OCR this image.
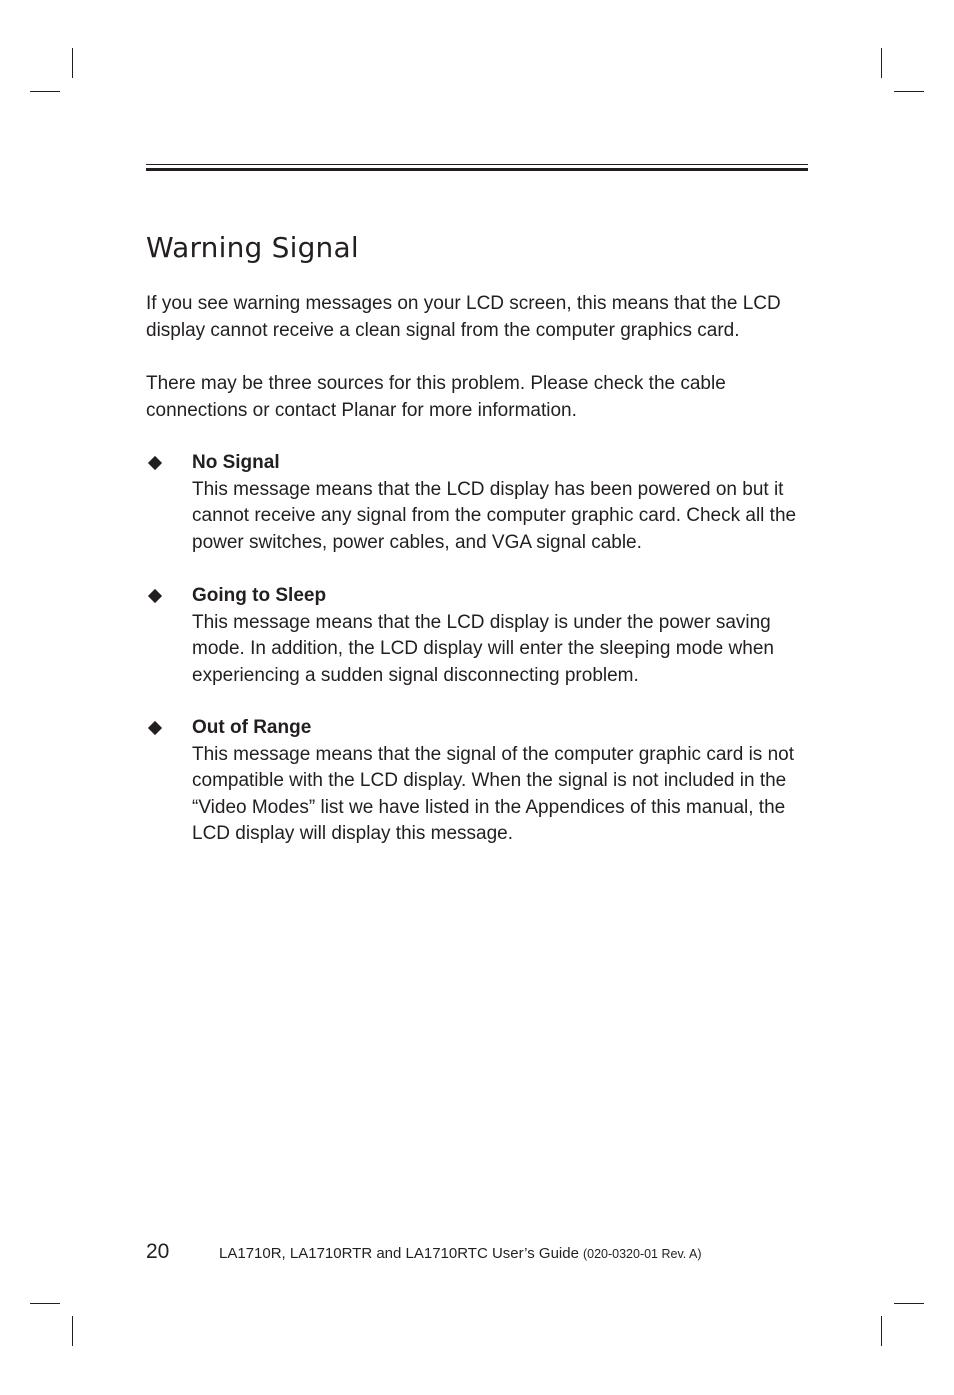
Warning Signal

If you see warning messages on your LCD screen, this means that the LCD display cannot receive a clean signal from the computer graphics card.

There may be three sources for this problem. Please check the cable connections or contact Planar for more information.

No Signal

This message means that the LCD display has been powered on but it cannot receive any signal from the computer graphic card. Check all the power switches, power cables, and VGA signal cable.

Going to Sleep

This message means that the LCD display is under the power saving mode. In addition, the LCD display will enter the sleeping mode when experiencing a sudden signal disconnecting problem.

Out of Range

This message means that the signal of the computer graphic card is not compatible with the LCD display. When the signal is not included in the “Video Modes” list we have listed in the Appendices of this manual, the LCD display will display this message.

20	LA1710R, LA1710RTR and LA1710RTC User’s Guide (020-0320-01 Rev. A)
